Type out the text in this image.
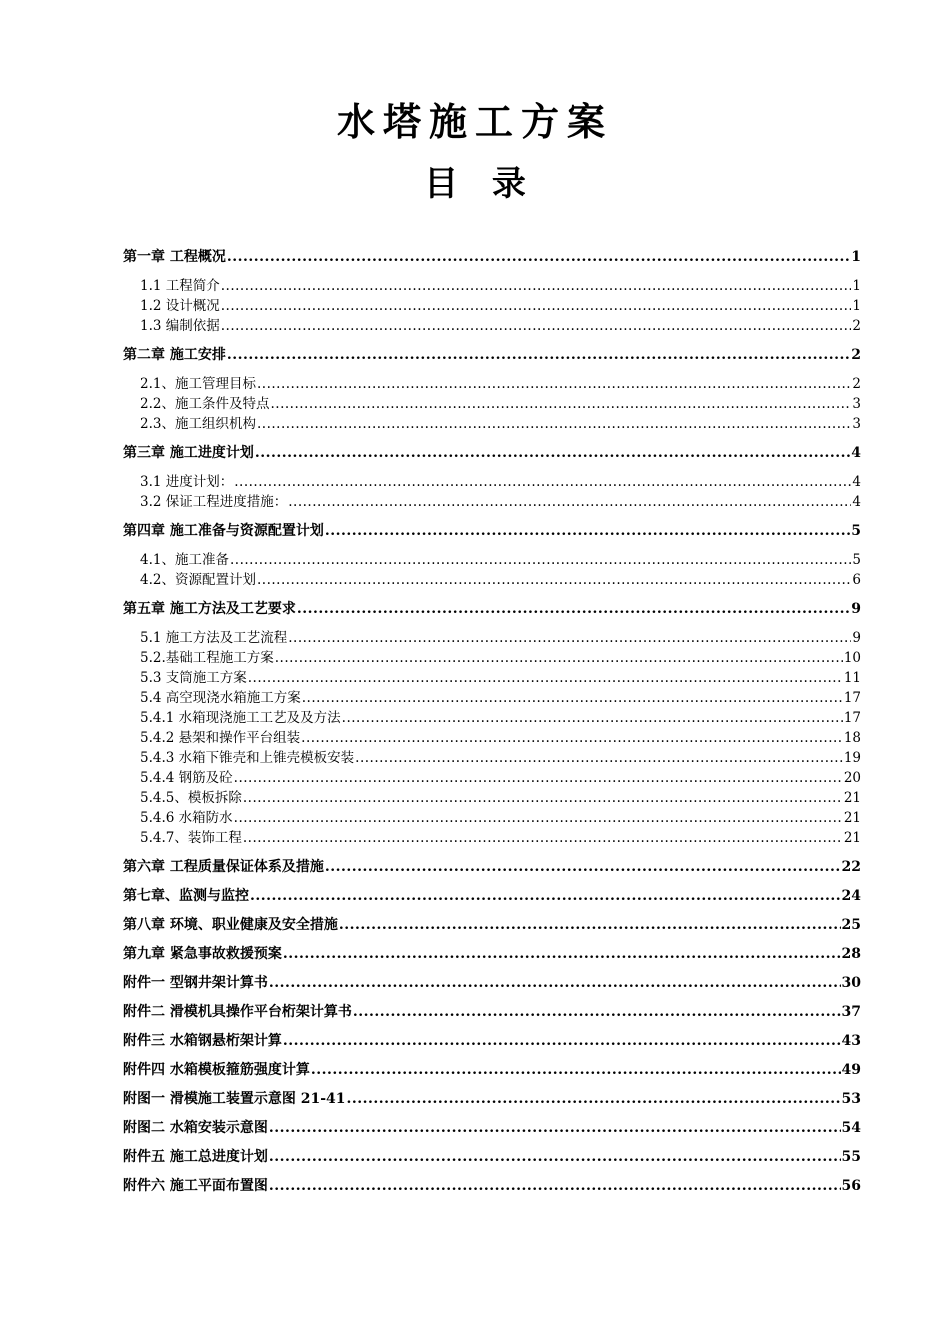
水塔施工方案
目 录
第一章 工程概况 .....	1
1.1 工程简介 .....	1
1.2 设计概况 .....	1
1.3 编制依据 .....	2
第二章 施工安排 .....	2
2.1、施工管理目标 .....	2
2.2、施工条件及特点 .....	3
2.3、施工组织机构 .....	3
第三章 施工进度计划 .....	4
3.1 进度计划： .....	4
3.2 保证工程进度措施： .....	4
第四章 施工准备与资源配置计划 .....	5
4.1、施工准备 .....	5
4.2、资源配置计划 .....	6
第五章 施工方法及工艺要求 .....	9
5.1 施工方法及工艺流程 .....	9
5.2.基础工程施工方案 .....	10
5.3 支筒施工方案 .....	11
5.4 高空现浇水箱施工方案 .....	17
5.4.1 水箱现浇施工工艺及及方法 .....	17
5.4.2 悬架和操作平台组装 .....	18
5.4.3 水箱下锥壳和上锥壳模板安装 .....	19
5.4.4 钢筋及砼 .....	20
5.4.5、模板拆除 .....	21
5.4.6 水箱防水 .....	21
5.4.7、装饰工程 .....	21
第六章 工程质量保证体系及措施 .....	22
第七章、监测与监控 .....	24
第八章 环境、职业健康及安全措施 .....	25
第九章 紧急事故救援预案 .....	28
附件一 型钢井架计算书 .....	30
附件二 滑模机具操作平台桁架计算书 .....	37
附件三 水箱钢悬桁架计算 .....	43
附件四 水箱模板箍筋强度计算 .....	49
附图一 滑模施工装置示意图 21-41 .....	53
附图二 水箱安装示意图 .....	54
附件五 施工总进度计划 .....	55
附件六 施工平面布置图 .....	56
